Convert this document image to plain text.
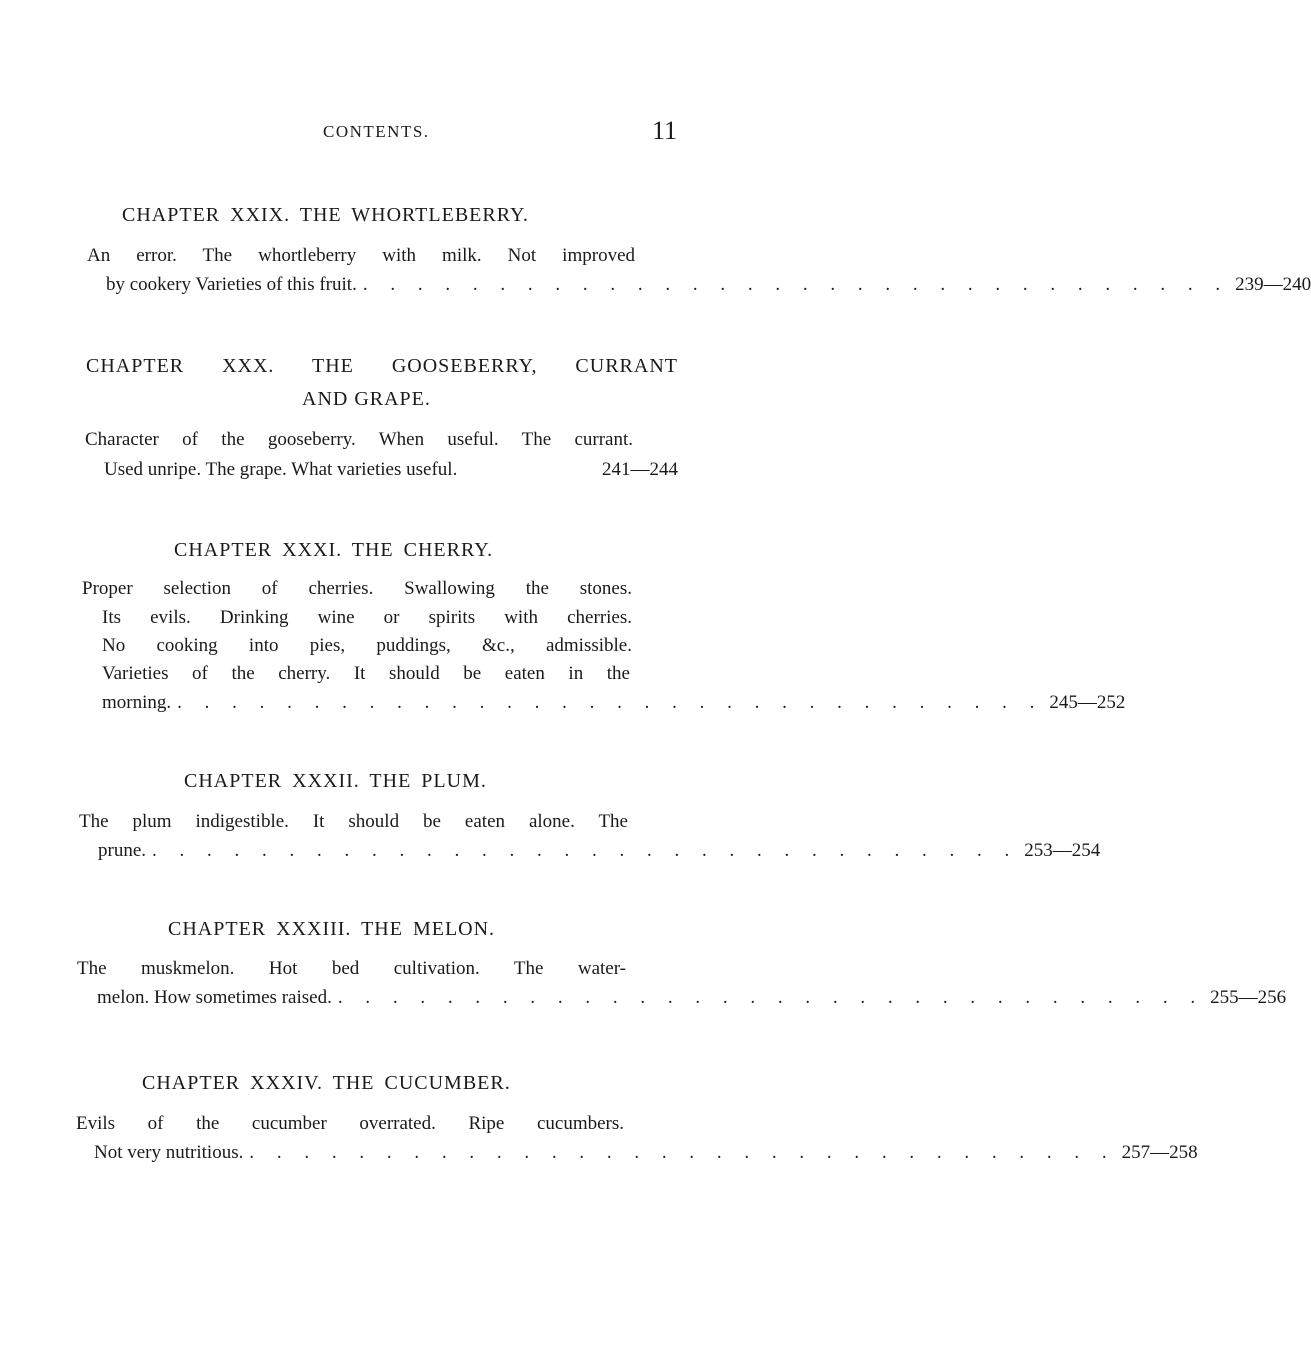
CONTENTS.	11
CHAPTER XXIX. THE WHORTLEBERRY.
An error. The whortleberry with milk. Not improved
by cookery Varieties of this fruit. . . . . . . . . . . . . . . . . . . . . . . . . . . . . . . . . 239—240
CHAPTER XXX. THE GOOSEBERRY, CURRANT
AND GRAPE.
Character of the gooseberry. When useful. The currant.
Used unripe. The grape. What varieties useful.	241—244
CHAPTER XXXI. THE CHERRY.
Proper selection of cherries. Swallowing the stones.
Its evils. Drinking wine or spirits with cherries.
No cooking into pies, puddings, &c., admissible.
Varieties of the cherry. It should be eaten in the
morning. . . . . . . . . . . . . . . . . . . . . . . . . . . . . . . . . 245—252
CHAPTER XXXII. THE PLUM.
The plum indigestible. It should be eaten alone. The
prune. . . . . . . . . . . . . . . . . . . . . . . . . . . . . . . . . 253—254
CHAPTER XXXIII. THE MELON.
The muskmelon. Hot bed cultivation. The water-
melon. How sometimes raised. . . . . . . . . . . . . . . . . . . . . . . . . . . . . . . . . 255—256
CHAPTER XXXIV. THE CUCUMBER.
Evils of the cucumber overrated. Ripe cucumbers.
Not very nutritious. . . . . . . . . . . . . . . . . . . . . . . . . . . . . . . . . 257—258
